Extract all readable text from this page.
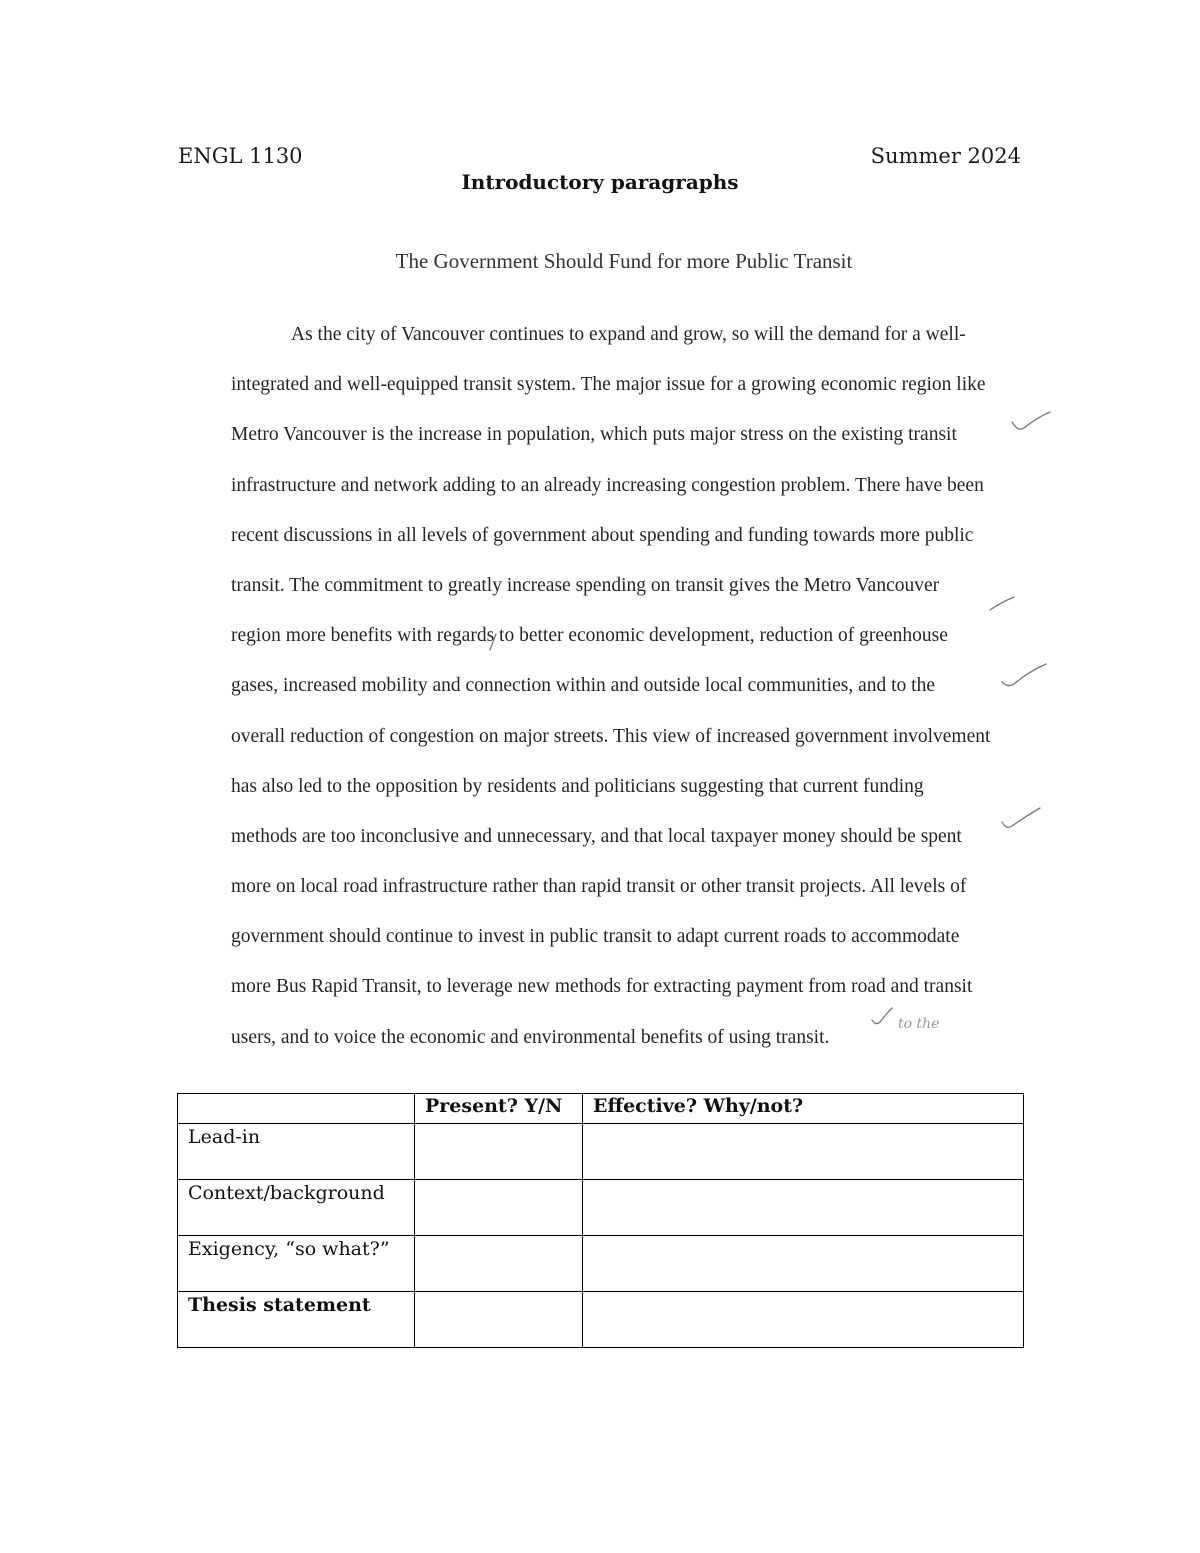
ENGL 1130	Summer 2024
Introductory paragraphs
The Government Should Fund for more Public Transit
As the city of Vancouver continues to expand and grow, so will the demand for a well-
integrated and well-equipped transit system. The major issue for a growing economic region like
Metro Vancouver is the increase in population, which puts major stress on the existing transit
infrastructure and network adding to an already increasing congestion problem. There have been
recent discussions in all levels of government about spending and funding towards more public
transit. The commitment to greatly increase spending on transit gives the Metro Vancouver
region more benefits with regards to better economic development, reduction of greenhouse
gases, increased mobility and connection within and outside local communities, and to the
overall reduction of congestion on major streets. This view of increased government involvement
has also led to the opposition by residents and politicians suggesting that current funding
methods are too inconclusive and unnecessary, and that local taxpayer money should be spent
more on local road infrastructure rather than rapid transit or other transit projects. All levels of
government should continue to invest in public transit to adapt current roads to accommodate
more Bus Rapid Transit, to leverage new methods for extracting payment from road and transit
users, and to voice the economic and environmental benefits of using transit.
to the
	Present? Y/N	Effective? Why/not?
Lead-in		
Context/background		
Exigency, “so what?”		
Thesis statement		
